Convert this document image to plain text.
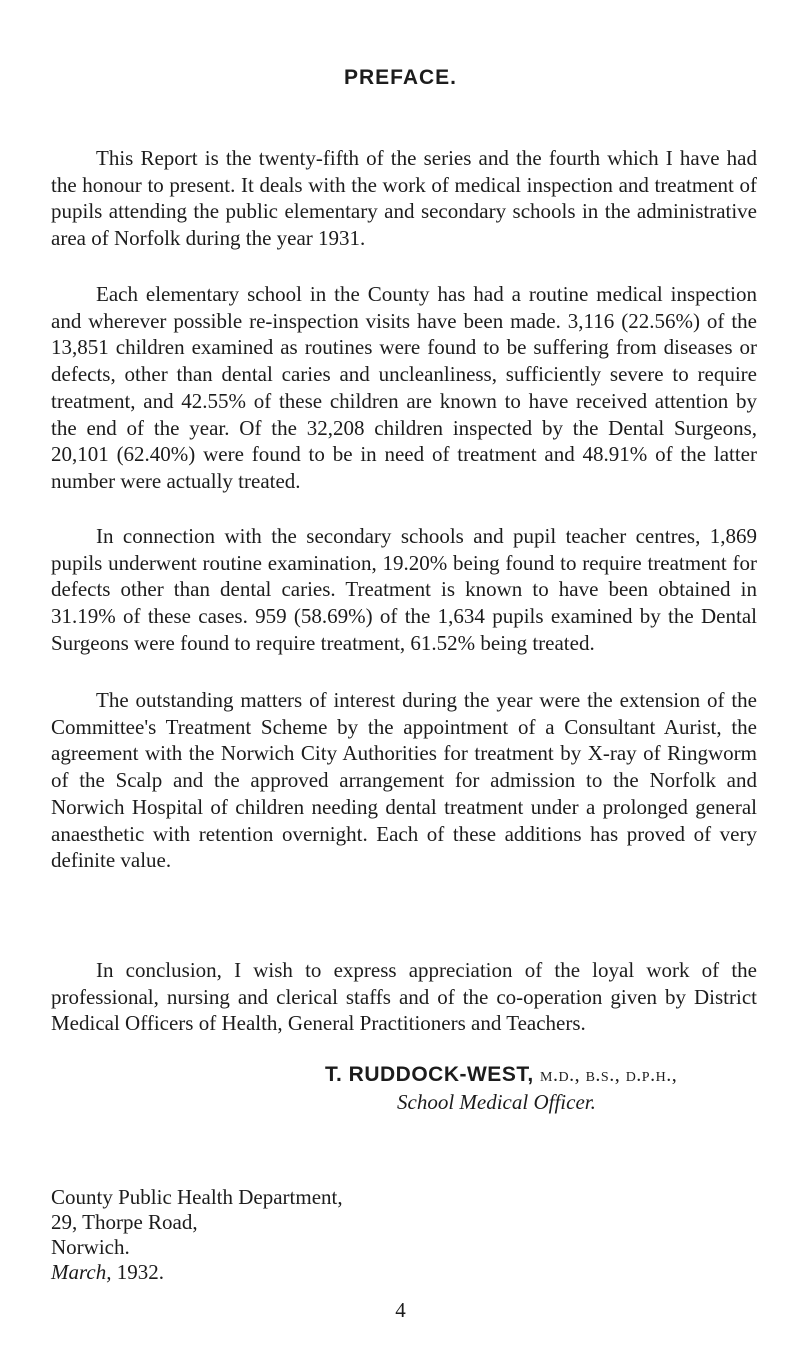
PREFACE.

This Report is the twenty-fifth of the series and the fourth which I have had the honour to present. It deals with the work of medical inspection and treatment of pupils attending the public elementary and secondary schools in the administrative area of Norfolk during the year 1931.

Each elementary school in the County has had a routine medical inspection and wherever possible re-inspection visits have been made. 3,116 (22.56%) of the 13,851 children examined as routines were found to be suffering from diseases or defects, other than dental caries and uncleanliness, sufficiently severe to require treatment, and 42.55% of these children are known to have received attention by the end of the year. Of the 32,208 children inspected by the Dental Surgeons, 20,101 (62.40%) were found to be in need of treatment and 48.91% of the latter number were actually treated.

In connection with the secondary schools and pupil teacher centres, 1,869 pupils underwent routine examination, 19.20% being found to require treatment for defects other than dental caries. Treatment is known to have been obtained in 31.19% of these cases. 959 (58.69%) of the 1,634 pupils examined by the Dental Surgeons were found to require treatment, 61.52% being treated.

The outstanding matters of interest during the year were the extension of the Committee's Treatment Scheme by the appointment of a Consultant Aurist, the agreement with the Norwich City Authorities for treatment by X-ray of Ringworm of the Scalp and the approved arrangement for admission to the Norfolk and Norwich Hospital of children needing dental treatment under a prolonged general anaesthetic with retention overnight. Each of these additions has proved of very definite value.

In conclusion, I wish to express appreciation of the loyal work of the professional, nursing and clerical staffs and of the co-operation given by District Medical Officers of Health, General Practitioners and Teachers.

T. RUDDOCK-WEST, m.d., b.s., d.p.h.,
School Medical Officer.
County Public Health Department,
29, Thorpe Road,
Norwich.
March, 1932.
4
